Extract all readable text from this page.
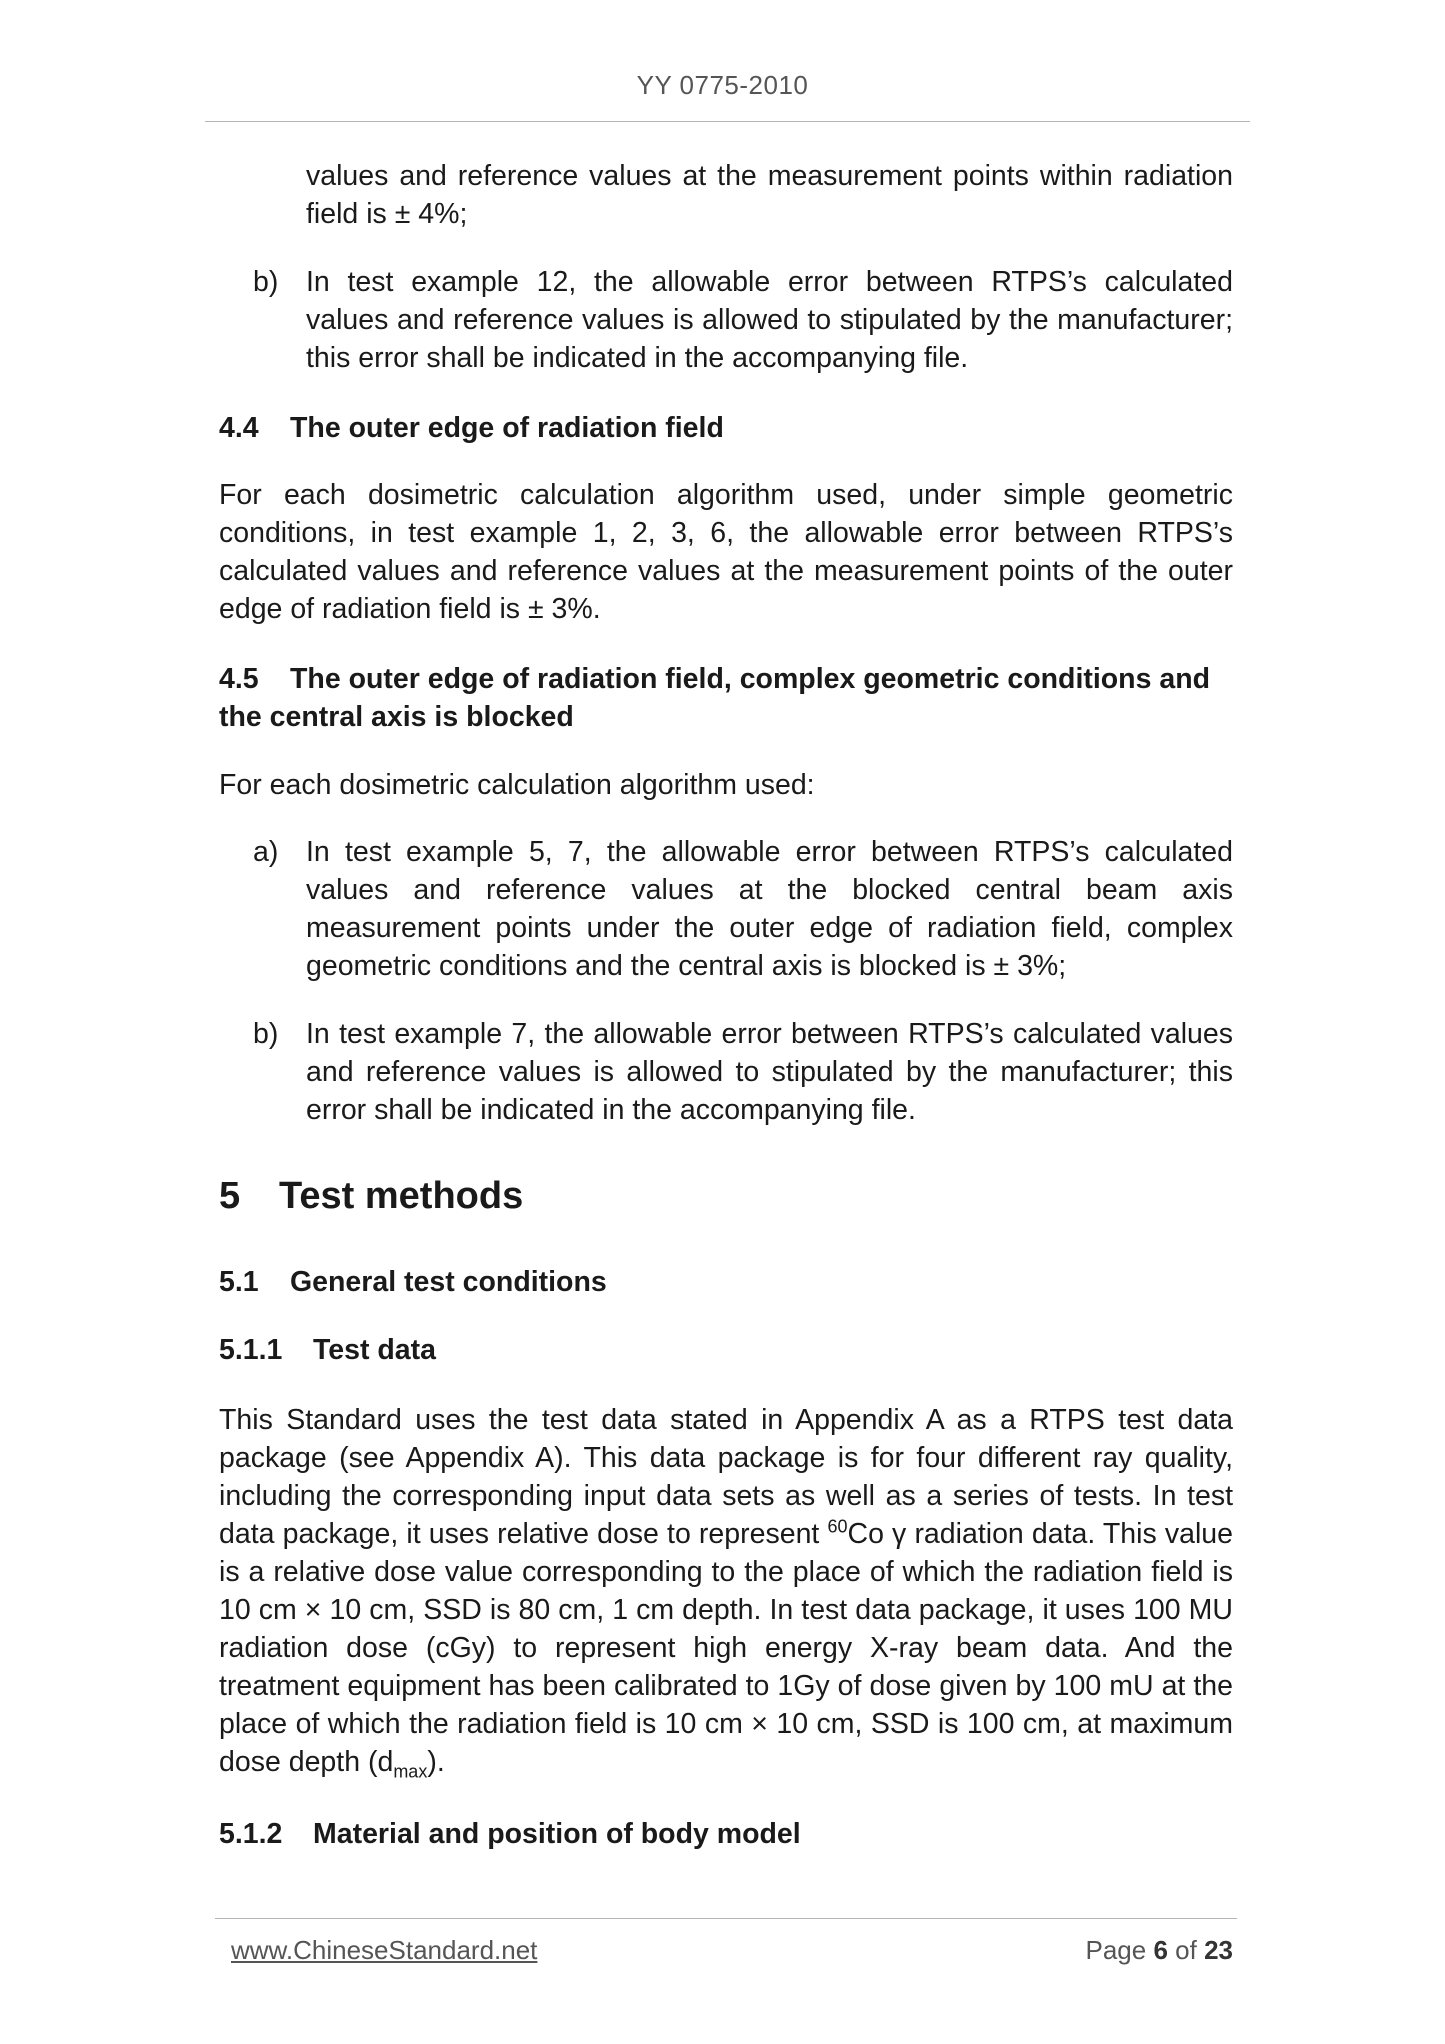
YY 0775-2010

values and reference values at the measurement points within radiation field is ± 4%;

b) In test example 12, the allowable error between RTPS’s calculated values and reference values is allowed to stipulated by the manufacturer; this error shall be indicated in the accompanying file.

4.4 The outer edge of radiation field

For each dosimetric calculation algorithm used, under simple geometric conditions, in test example 1, 2, 3, 6, the allowable error between RTPS’s calculated values and reference values at the measurement points of the outer edge of radiation field is ± 3%.

4.5 The outer edge of radiation field, complex geometric conditions and the central axis is blocked

For each dosimetric calculation algorithm used:

a) In test example 5, 7, the allowable error between RTPS’s calculated values and reference values at the blocked central beam axis measurement points under the outer edge of radiation field, complex geometric conditions and the central axis is blocked is ± 3%;

b) In test example 7, the allowable error between RTPS’s calculated values and reference values is allowed to stipulated by the manufacturer; this error shall be indicated in the accompanying file.

5 Test methods
5.1 General test conditions
5.1.1 Test data

This Standard uses the test data stated in Appendix A as a RTPS test data package (see Appendix A). This data package is for four different ray quality, including the corresponding input data sets as well as a series of tests. In test data package, it uses relative dose to represent $^{60}$Co γ radiation data. This value is a relative dose value corresponding to the place of which the radiation field is 10 cm × 10 cm, SSD is 80 cm, 1 cm depth. In test data package, it uses 100 MU radiation dose (cGy) to represent high energy X-ray beam data. And the treatment equipment has been calibrated to 1Gy of dose given by 100 mU at the place of which the radiation field is 10 cm × 10 cm, SSD is 100 cm, at maximum dose depth $(d_{max})$.

5.1.2 Material and position of body model
www.ChineseStandard.net	Page 6 of 23
